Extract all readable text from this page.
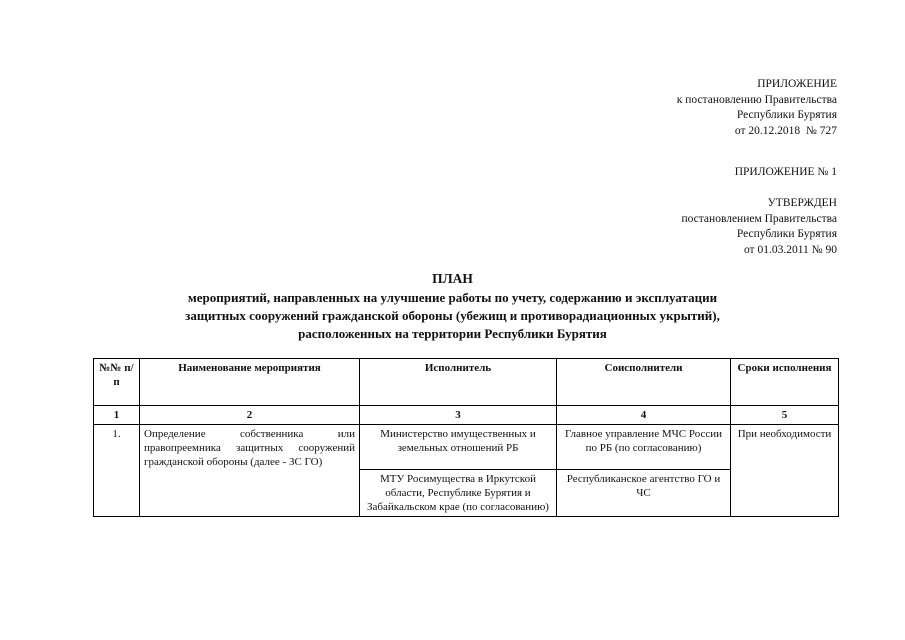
ПРИЛОЖЕНИЕ
к постановлению Правительства
Республики Бурятия
от 20.12.2018  № 727
ПРИЛОЖЕНИЕ № 1
УТВЕРЖДЕН
постановлением Правительства
Республики Бурятия
от 01.03.2011 № 90
ПЛАН
мероприятий, направленных на улучшение работы по учету, содержанию и эксплуатации
защитных сооружений гражданской обороны (убежищ и противорадиационных укрытий),
расположенных на территории Республики Бурятия
№№ п/п	Наименование мероприятия	Исполнитель	Соисполнители	Сроки исполнения
1	2	3	4	5
1.	Определение собственника или правопреемника защитных сооружений гражданской обороны (далее - ЗС ГО)	Министерство имущественных и земельных отношений РБ	Главное управление МЧС России по РБ (по согласованию)	При необходимости
		МТУ Росимущества в Иркутской области, Республике Бурятия и Забайкальском крае (по согласованию)	Республиканское агентство ГО и ЧС	
